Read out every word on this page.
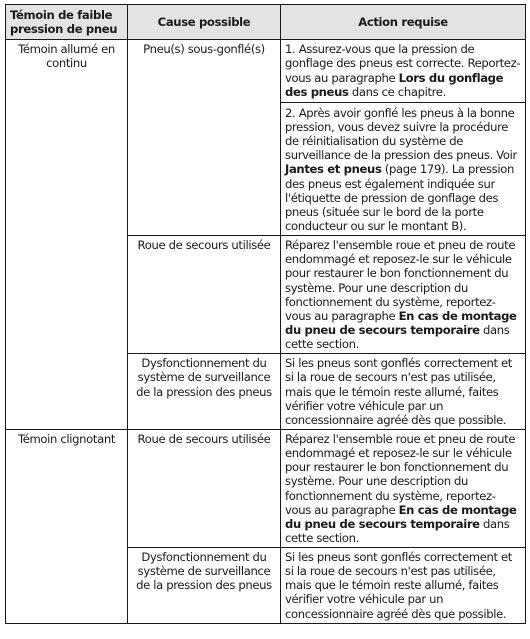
Témoin de faible pression de pneu	Cause possible	Action requise
Témoin allumé en continu	Pneu(s) sous-gonflé(s)	1. Assurez-vous que la pression de gonflage des pneus est correcte. Reportez-vous au paragraphe Lors du gonflage des pneus dans ce chapitre.

2. Après avoir gonflé les pneus à la bonne pression, vous devez suivre la procédure de réinitialisation du système de surveillance de la pression des pneus. Voir Jantes et pneus (page 179). La pression des pneus est également indiquée sur l'étiquette de pression de gonflage des pneus (située sur le bord de la porte conducteur ou sur le montant B).

	Roue de secours utilisée	Réparez l'ensemble roue et pneu de route endommagé et reposez-le sur le véhicule pour restaurer le bon fonctionnement du système. Pour une description du fonctionnement du système, reportez-vous au paragraphe En cas de montage du pneu de secours temporaire dans cette section.
	Dysfonctionnement du système de surveillance de la pression des pneus	Si les pneus sont gonflés correctement et si la roue de secours n'est pas utilisée, mais que le témoin reste allumé, faites vérifier votre véhicule par un concessionnaire agréé dès que possible.
Témoin clignotant	Roue de secours utilisée	Réparez l'ensemble roue et pneu de route endommagé et reposez-le sur le véhicule pour restaurer le bon fonctionnement du système. Pour une description du fonctionnement du système, reportez-vous au paragraphe En cas de montage du pneu de secours temporaire dans cette section.
	Dysfonctionnement du système de surveillance de la pression des pneus	Si les pneus sont gonflés correctement et si la roue de secours n'est pas utilisée, mais que le témoin reste allumé, faites vérifier votre véhicule par un concessionnaire agréé dès que possible.
